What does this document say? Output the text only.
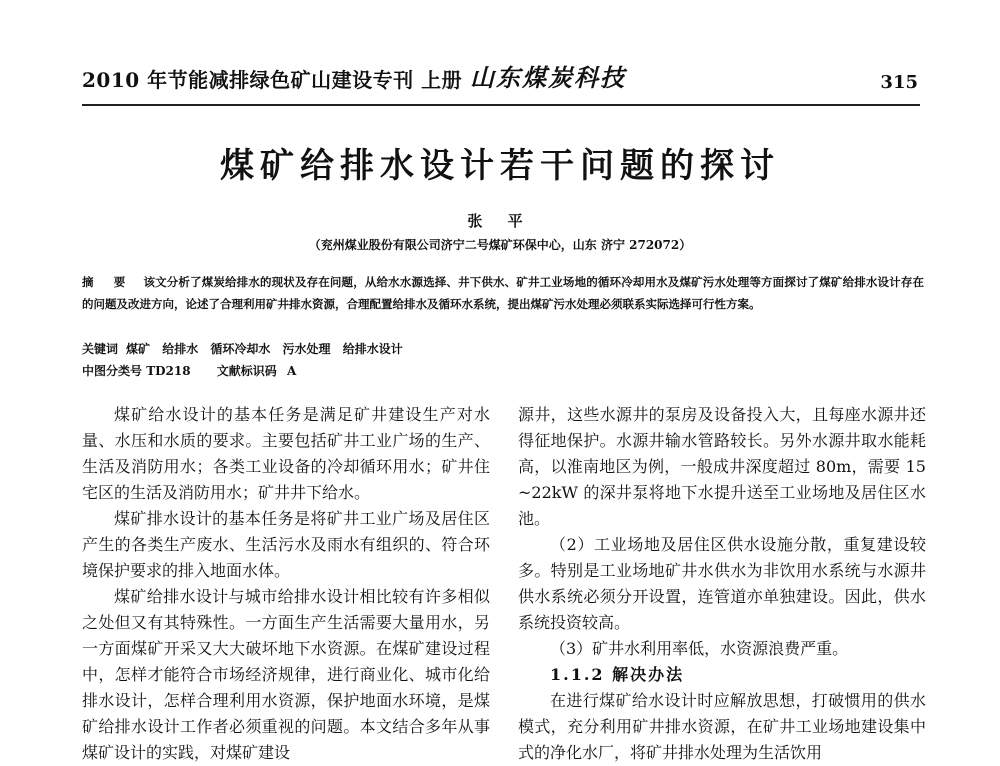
2010 年节能减排绿色矿山建设专刊 上册 山东煤炭科技	315
煤矿给排水设计若干问题的探讨
张 平
（兖州煤业股份有限公司济宁二号煤矿环保中心，山东 济宁 272072）
摘 要 该文分析了煤炭给排水的现状及存在问题，从给水水源选择、井下供水、矿井工业场地的循环冷却用水及煤矿污水处理等方面探讨了煤矿给排水设计存在的问题及改进方向，论述了合理利用矿井排水资源，合理配置给排水及循环水系统，提出煤矿污水处理必须联系实际选择可行性方案。
关键词 煤矿 给排水 循环冷却水 污水处理 给排水设计
中图分类号 TD218 文献标识码 A

煤矿给水设计的基本任务是满足矿井建设生产对水量、水压和水质的要求。主要包括矿井工业广场的生产、生活及消防用水；各类工业设备的冷却循环用水；矿井住宅区的生活及消防用水；矿井井下给水。

煤矿排水设计的基本任务是将矿井工业广场及居住区产生的各类生产废水、生活污水及雨水有组织的、符合环境保护要求的排入地面水体。

煤矿给排水设计与城市给排水设计相比较有许多相似之处但又有其特殊性。一方面生产生活需要大量用水，另一方面煤矿开采又大大破坏地下水资源。在煤矿建设过程中，怎样才能符合市场经济规律，进行商业化、城市化给排水设计，怎样合理利用水资源，保护地面水环境，是煤矿给排水设计工作者必须重视的问题。本文结合多年从事煤矿设计的实践，对煤矿建设

源井，这些水源井的泵房及设备投入大，且每座水源井还得征地保护。水源井输水管路较长。另外水源井取水能耗高，以淮南地区为例，一般成井深度超过 80m，需要 15 ~22kW 的深井泵将地下水提升送至工业场地及居住区水池。

（2）工业场地及居住区供水设施分散，重复建设较多。特别是工业场地矿井水供水为非饮用水系统与水源井供水系统必须分开设置，连管道亦单独建设。因此，供水系统投资较高。

（3）矿井水利用率低，水资源浪费严重。

1.1.2 解决办法

在进行煤矿给水设计时应解放思想，打破惯用的供水模式，充分利用矿井排水资源，在矿井工业场地建设集中式的净化水厂，将矿井排水处理为生活饮用
